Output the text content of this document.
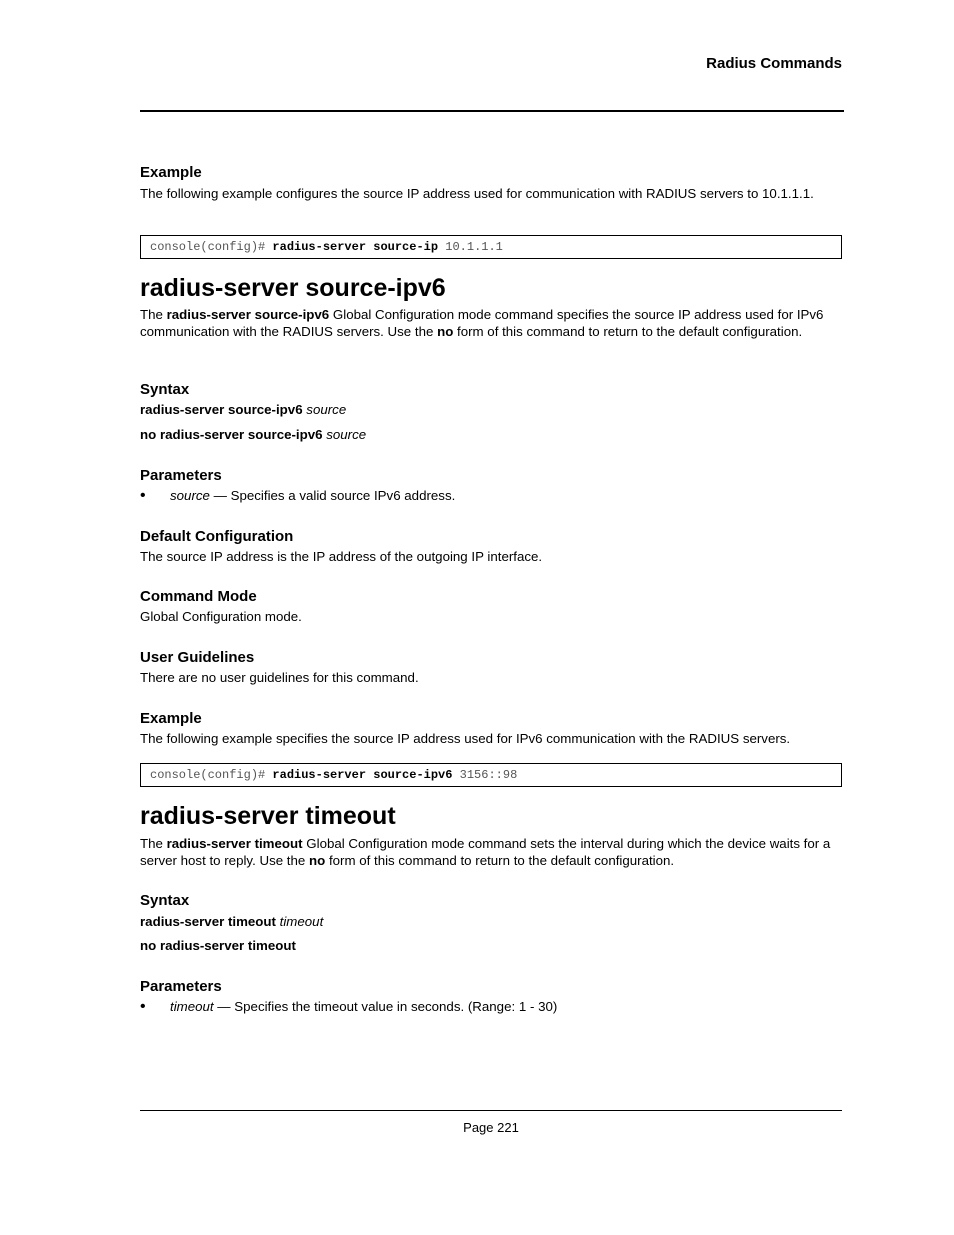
Radius Commands
Example
The following example configures the source IP address used for communication with RADIUS servers to 10.1.1.1.
console(config)# radius-server source-ip 10.1.1.1
radius-server source-ipv6
The radius-server source-ipv6 Global Configuration mode command specifies the source IP address used for IPv6 communication with the RADIUS servers. Use the no form of this command to return to the default configuration.
Syntax
radius-server source-ipv6 source
no radius-server source-ipv6 source
Parameters
• source — Specifies a valid source IPv6 address.
Default Configuration
The source IP address is the IP address of the outgoing IP interface.
Command Mode
Global Configuration mode.
User Guidelines
There are no user guidelines for this command.
Example
The following example specifies the source IP address used for IPv6 communication with the RADIUS servers.
console(config)# radius-server source-ipv6 3156::98
radius-server timeout
The radius-server timeout Global Configuration mode command sets the interval during which the device waits for a server host to reply. Use the no form of this command to return to the default configuration.
Syntax
radius-server timeout timeout
no radius-server timeout
Parameters
• timeout — Specifies the timeout value in seconds. (Range: 1 - 30)
Page 221
